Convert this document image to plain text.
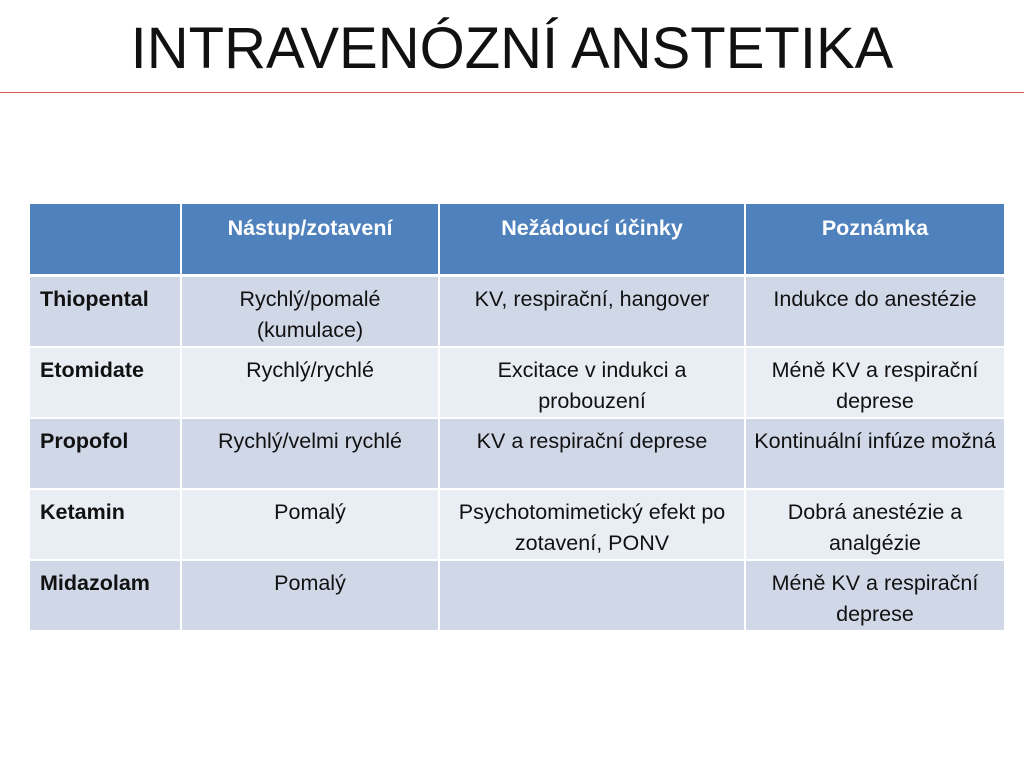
INTRAVENÓZNÍ ANSTETIKA
	Nástup/zotavení	Nežádoucí účinky	Poznámka
Thiopental	Rychlý/pomalé (kumulace)	KV, respirační, hangover	Indukce do anestézie
Etomidate	Rychlý/rychlé	Excitace v indukci a probouzení	Méně KV a respirační deprese
Propofol	Rychlý/velmi rychlé	KV a respirační deprese	Kontinuální infúze možná
Ketamin	Pomalý	Psychotomimetický efekt po zotavení, PONV	Dobrá anestézie a analgézie
Midazolam	Pomalý		Méně KV a respirační deprese
